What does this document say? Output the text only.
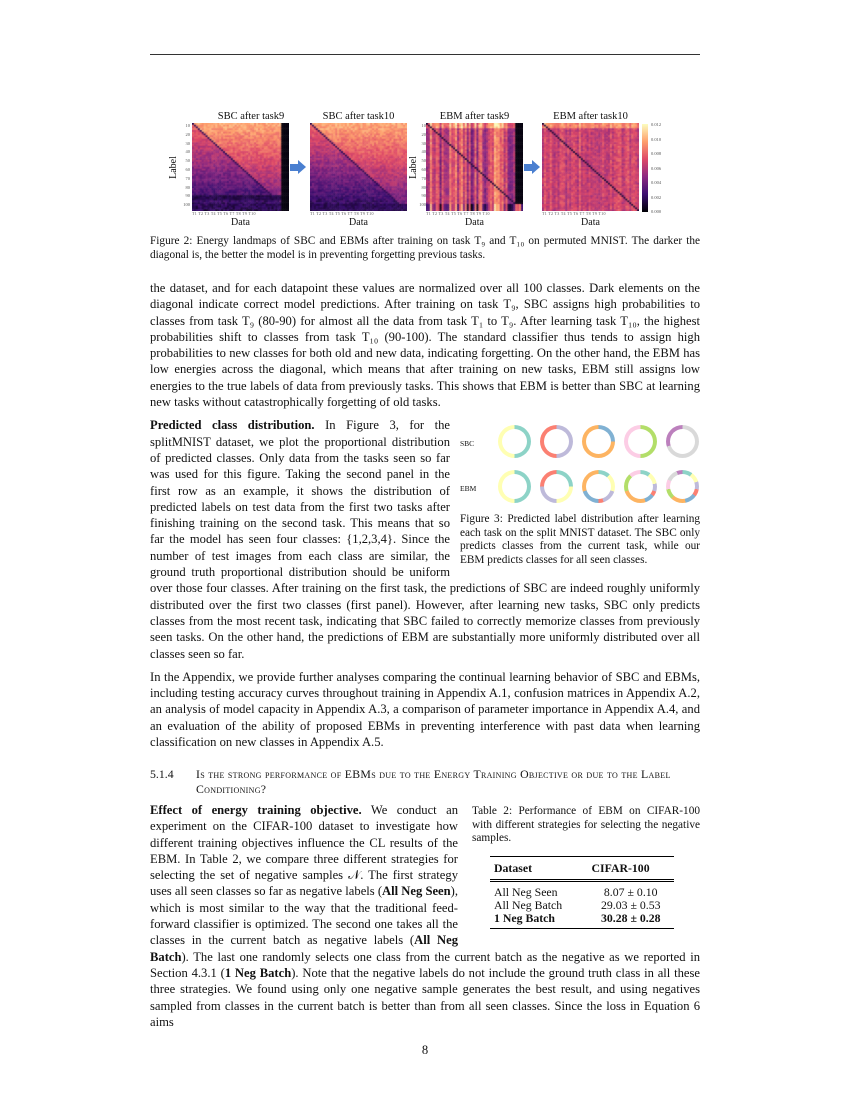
Label
10
20
30
40
50
60
70
80
90
100
SBC after task9
T1 T2 T3 T4 T5 T6 T7 T8 T9 T10
Data
SBC after task10
T1 T2 T3 T4 T5 T6 T7 T8 T9 T10
Data
Label
10
20
30
40
50
60
70
80
90
100
EBM after task9
T1 T2 T3 T4 T5 T6 T7 T8 T9 T10
Data
EBM after task10
T1 T2 T3 T4 T5 T6 T7 T8 T9 T10
Data
0.012
0.010
0.008
0.006
0.004
0.002
0.000
Figure 2: Energy landmaps of SBC and EBMs after training on task T₉ and T₁₀ on permuted MNIST. The darker the diagonal is, the better the model is in preventing forgetting previous tasks.

the dataset, and for each datapoint these values are normalized over all 100 classes. Dark elements on the diagonal indicate correct model predictions. After training on task T₉, SBC assigns high probabilities to classes from task T₉ (80-90) for almost all the data from task T₁ to T₉. After learning task T₁₀, the highest probabilities shift to classes from task T₁₀ (90-100). The standard classifier thus tends to assign high probabilities to new classes for both old and new data, indicating forgetting. On the other hand, the EBM has low energies across the diagonal, which means that after training on new tasks, EBM still assigns low energies to the true labels of data from previously tasks. This shows that EBM is better than SBC at learning new tasks without catastrophically forgetting of old tasks.

SBC
EBM
Figure 3: Predicted label distribution after learning each task on the split MNIST dataset. The SBC only predicts classes from the current task, while our EBM predicts classes for all seen classes.

Predicted class distribution. In Figure 3, for the splitMNIST dataset, we plot the proportional distribution of predicted classes. Only data from the tasks seen so far was used for this figure. Taking the second panel in the first row as an example, it shows the distribution of predicted labels on test data from the first two tasks after finishing training on the second task. This means that so far the model has seen four classes: {1,2,3,4}. Since the number of test images from each class are similar, the ground truth proportional distribution should be uniform over those four classes. After training on the first task, the predictions of SBC are indeed roughly uniformly distributed over the first two classes (first panel). However, after learning new tasks, SBC only predicts classes from the most recent task, indicating that SBC failed to correctly memorize classes from previously seen tasks. On the other hand, the predictions of EBM are substantially more uniformly distributed over all classes seen so far.

In the Appendix, we provide further analyses comparing the continual learning behavior of SBC and EBMs, including testing accuracy curves throughout training in Appendix A.1, confusion matrices in Appendix A.2, an analysis of model capacity in Appendix A.3, a comparison of parameter importance in Appendix A.4, and an evaluation of the ability of proposed EBMs in preventing interference with past data when learning classification on new classes in Appendix A.5.

5.1.4	Is the strong performance of EBMs due to the Energy Training Objective or due to the Label Conditioning?
Table 2: Performance of EBM on CIFAR-100 with different strategies for selecting the negative samples.
Dataset	CIFAR-100
All Neg Seen	8.07 ± 0.10
All Neg Batch	29.03 ± 0.53
1 Neg Batch	30.28 ± 0.28

Effect of energy training objective. We conduct an experiment on the CIFAR-100 dataset to investigate how different training objectives influence the CL results of the EBM. In Table 2, we compare three different strategies for selecting the set of negative samples 𝒩. The first strategy uses all seen classes so far as negative labels (All Neg Seen), which is most similar to the way that the traditional feed-forward classifier is optimized. The second one takes all the classes in the current batch as negative labels (All Neg Batch). The last one randomly selects one class from the current batch as the negative as we reported in Section 4.3.1 (1 Neg Batch). Note that the negative labels do not include the ground truth class in all these three strategies. We found using only one negative sample generates the best result, and using negatives sampled from classes in the current batch is better than from all seen classes. Since the loss in Equation 6 aims

8
